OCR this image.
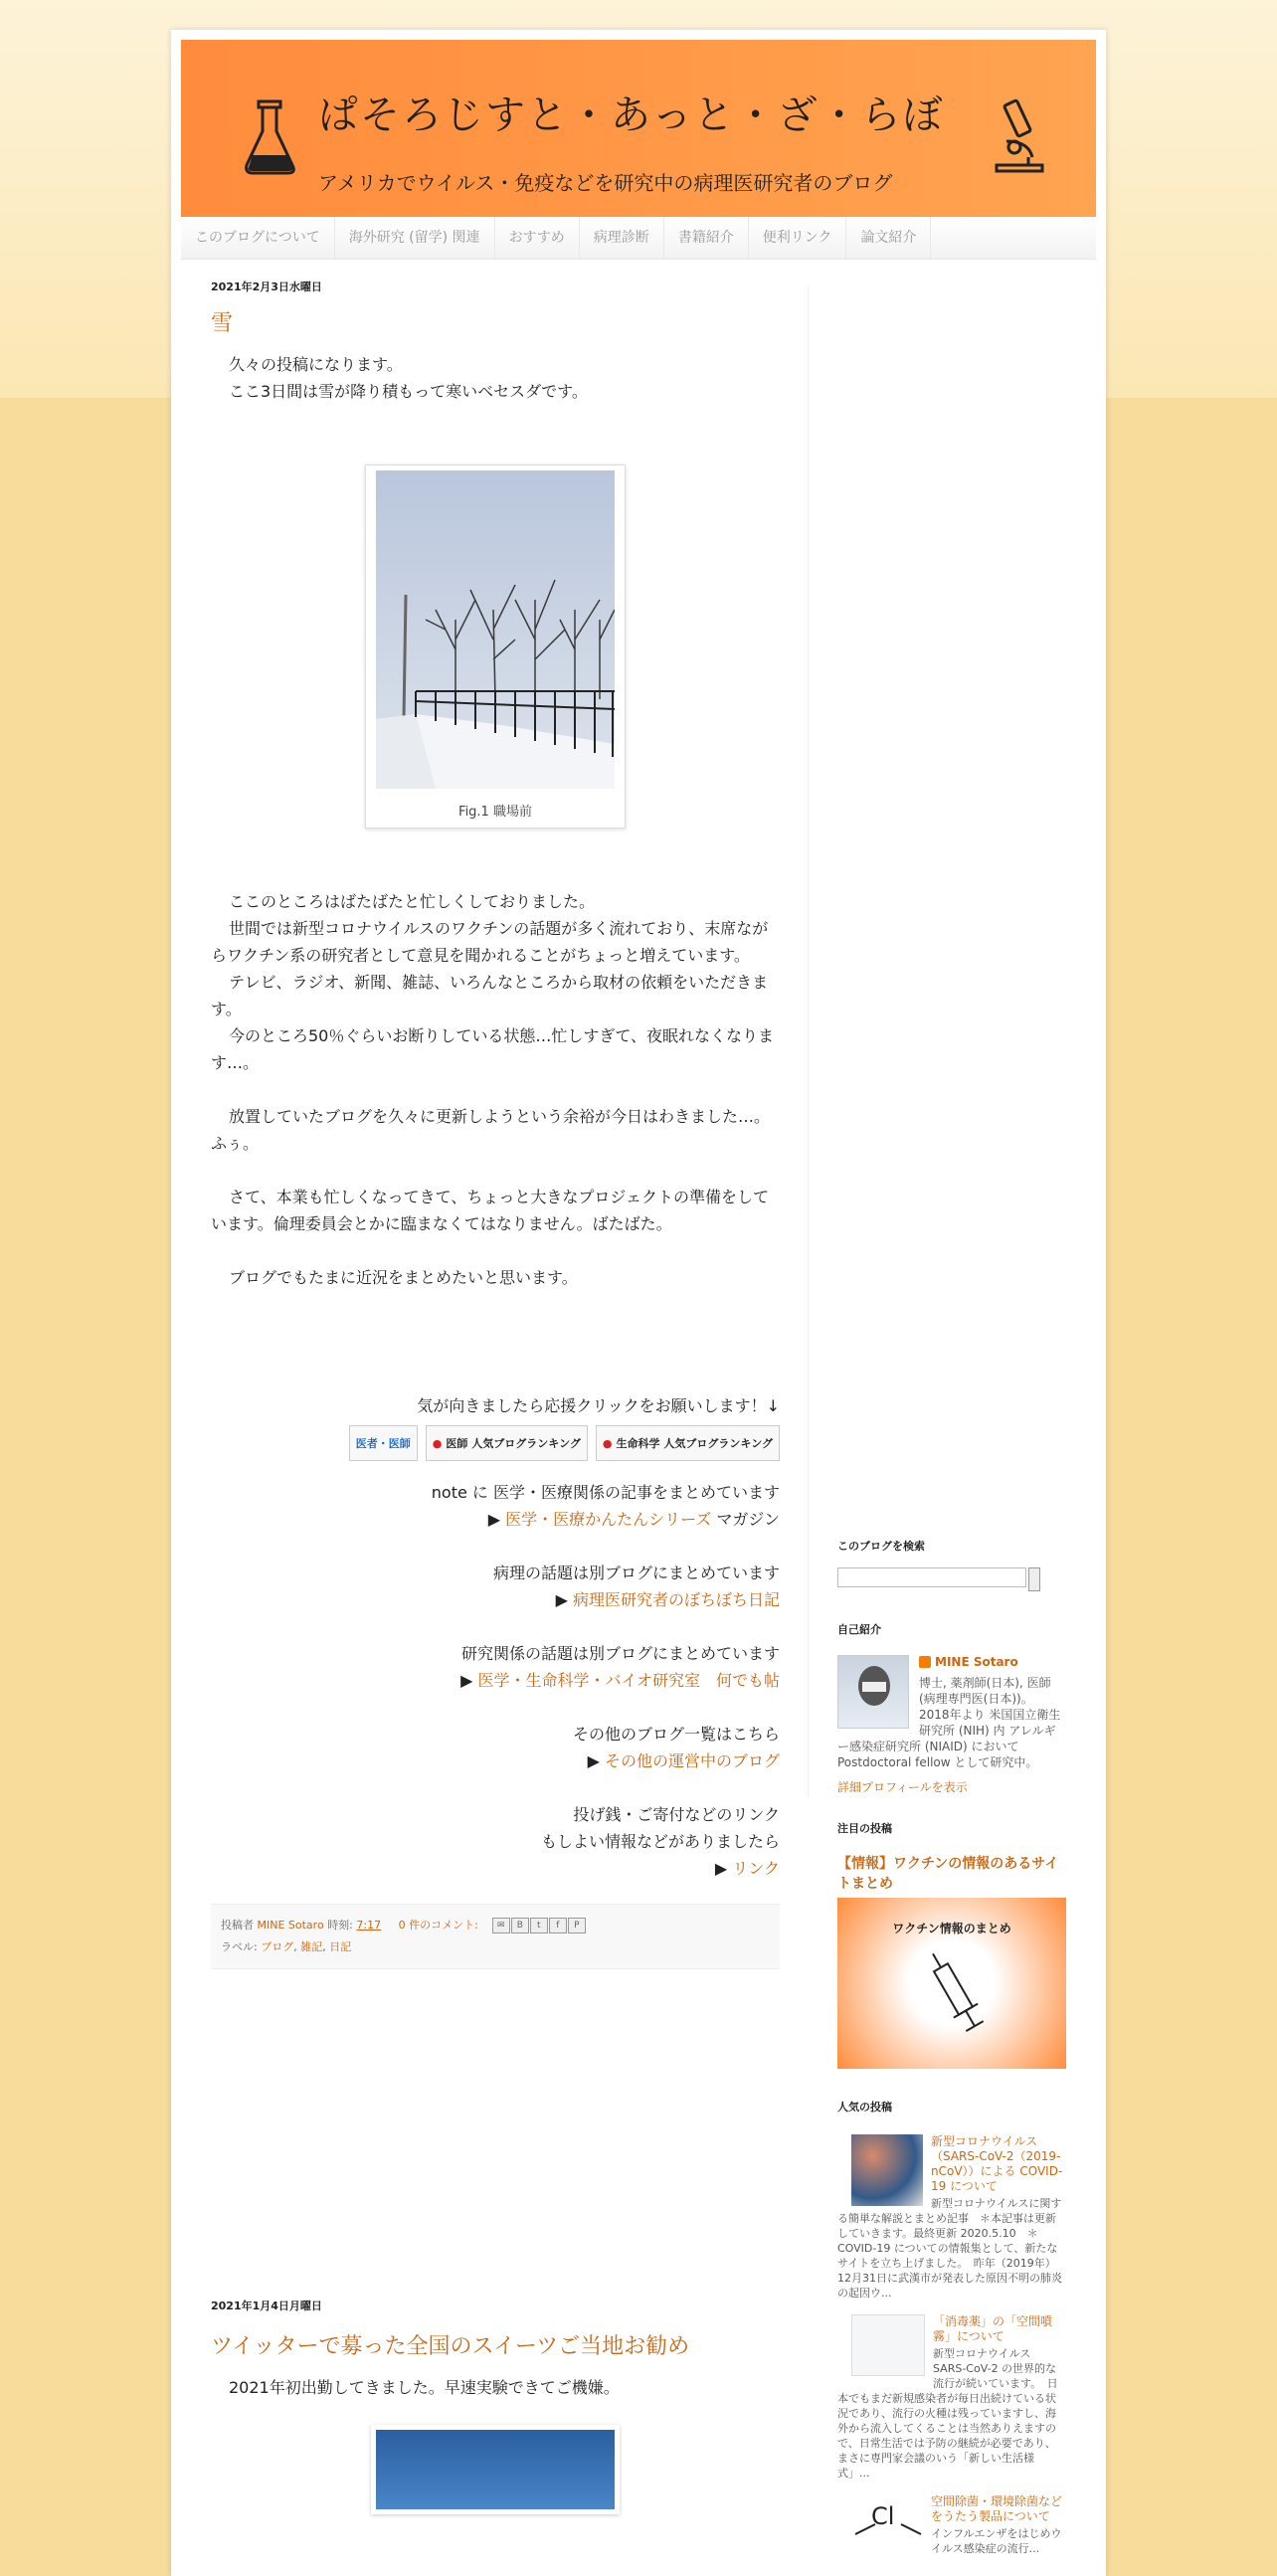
ぱそろじすと・あっと・ざ・らぼ
アメリカでウイルス・免疫などを研究中の病理医研究者のブログ
このブログについて	海外研究 (留学) 関連	おすすめ	病理診断	書籍紹介	便利リンク	論文紹介
2021年2月3日水曜日
雪
久々の投稿になります。
ここ3日間は雪が降り積もって寒いベセスダです。
Fig.1 職場前
ここのところはばたばたと忙しくしておりました。
世間では新型コロナウイルスのワクチンの話題が多く流れており、末席ながらワクチン系の研究者として意見を聞かれることがちょっと増えています。
テレビ、ラジオ、新聞、雑誌、いろんなところから取材の依頼をいただきます。
今のところ50％ぐらいお断りしている状態…忙しすぎて、夜眠れなくなります…。
放置していたブログを久々に更新しようという余裕が今日はわきました…。ふぅ。
さて、本業も忙しくなってきて、ちょっと大きなプロジェクトの準備をしています。倫理委員会とかに臨まなくてはなりません。ばたばた。
ブログでもたまに近況をまとめたいと思います。
気が向きましたら応援クリックをお願いします！↓
医者・医師 ● 医師 人気ブログランキング ● 生命科学 人気ブログランキング
note に 医学・医療関係の記事をまとめています
▶ 医学・医療かんたんシリーズ マガジン
病理の話題は別ブログにまとめています
▶ 病理医研究者のぼちぼち日記
研究関係の話題は別ブログにまとめています
▶ 医学・生命科学・バイオ研究室　何でも帖
その他のブログ一覧はこちら
▶ その他の運営中のブログ
投げ銭・ご寄付などのリンク
もしよい情報などがありましたら
▶ リンク
投稿者 MINE Sotaro 時刻: 7:17 0 件のコメント: ✉ B t f P
ラベル: ブログ, 雑記, 日記
2021年1月4日月曜日
ツイッターで募った全国のスイーツご当地お勧め
2021年初出勤してきました。早速実験できてご機嫌。
このブログを検索
自己紹介
MINE Sotaro
博士, 薬剤師(日本), 医師(病理専門医(日本))。 2018年より 米国国立衛生研究所 (NIH) 内 アレルギー感染症研究所 (NIAID) において Postdoctoral fellow として研究中。
詳細プロフィールを表示
注目の投稿
【情報】ワクチンの情報のあるサイトまとめ
ワクチン情報のまとめ
人気の投稿
新型コロナウイルス（SARS-CoV-2（2019-nCoV））による COVID-19 について
新型コロナウイルスに関する簡単な解説とまとめ記事　＊本記事は更新していきます。最終更新 2020.5.10　＊COVID-19 についての情報集として、新たなサイトを立ち上げました。　昨年（2019年）12月31日に武漢市が発表した原因不明の肺炎の起因ウ...
「消毒薬」の「空間噴霧」について
新型コロナウイルス SARS-CoV-2 の世界的な流行が続いています。　日本でもまだ新規感染者が毎日出続けている状況であり、流行の火種は残っていますし、海外から流入してくることは当然ありえますので、日常生活では予防の継続が必要であり、まさに専門家会議のいう「新しい生活様式」...
Cl
空間除菌・環境除菌などをうたう製品について
インフルエンザをはじめウイルス感染症の流行...
